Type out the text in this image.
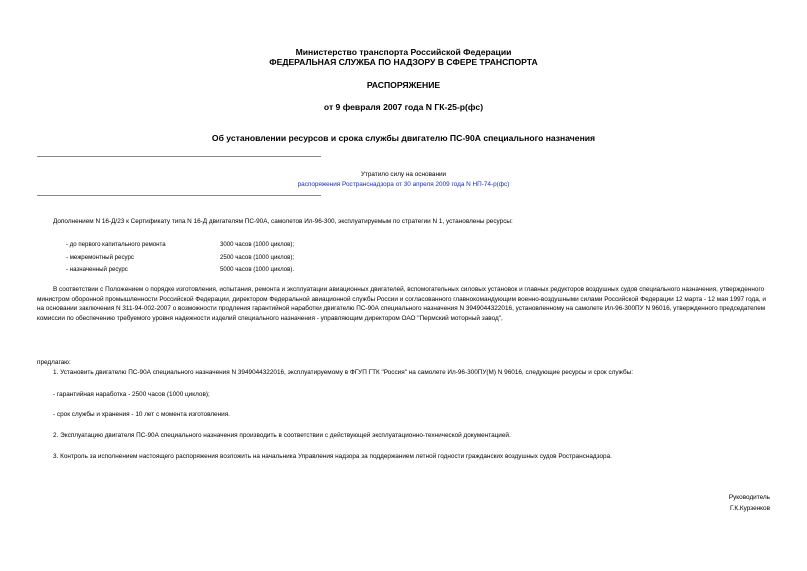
Министерство транспорта Российской Федерации
ФЕДЕРАЛЬНАЯ СЛУЖБА ПО НАДЗОРУ В СФЕРЕ ТРАНСПОРТА
РАСПОРЯЖЕНИЕ
от 9 февраля 2007 года N ГК-25-р(фс)
Об установлении ресурсов и срока службы двигателю ПС-90А специального назначения
Утратило силу на основании
распоряжения Ространснадзора от 30 апреля 2009 года N НП-74-р(фс)
Дополнением N 16-Д/23 к Сертификату типа N 16-Д двигателям ПС-90А, самолетов Ил-96-300, эксплуатируемым по стратегии N 1, установлены ресурсы:
- до первого капитального ремонта	3000 часов (1000 циклов);
- межремонтный ресурс	2500 часов (1000 циклов);
- назначенный ресурс	5000 часов (1000 циклов).
В соответствии с Положением о порядке изготовления, испытания, ремонта и эксплуатации авиационных двигателей, вспомогательных силовых установок и главных редукторов воздушных судов специального назначения, утвержденного министром оборонной промышленности Российской Федерации, директором Федеральной авиационной службы России и согласованного главнокомандующим военно-воздушными силами Российской Федерации 12 марта - 12 мая 1997 года, и на основании заключения N 311-94-002-2007 о возможности продления гарантийной наработки двигателю ПС-90А специального назначения N 3949044322016, установленному на самолете Ил-96-300ПУ N 96016, утвержденного председателем комиссии по обеспечению требуемого уровня надежности изделий специального назначения - управляющим директором ОАО "Пермский моторный завод",
предлагаю:
1. Установить двигателю ПС-90А специального назначения N 3949044322016, эксплуатируемому в ФГУП ГТК "Россия" на самолете Ил-96-300ПУ(М) N 96016, следующие ресурсы и срок службы:
- гарантийная наработка - 2500 часов (1000 циклов);
- срок службы и хранения - 10 лет с момента изготовления.
2. Эксплуатацию двигателя ПС-90А специального назначения производить в соответствии с действующей эксплуатационно-технической документацией.
3. Контроль за исполнением настоящего распоряжения возложить на начальника Управления надзора за поддержанием летной годности гражданских воздушных судов Ространснадзора.
Руководитель
Г.К.Курзенков
